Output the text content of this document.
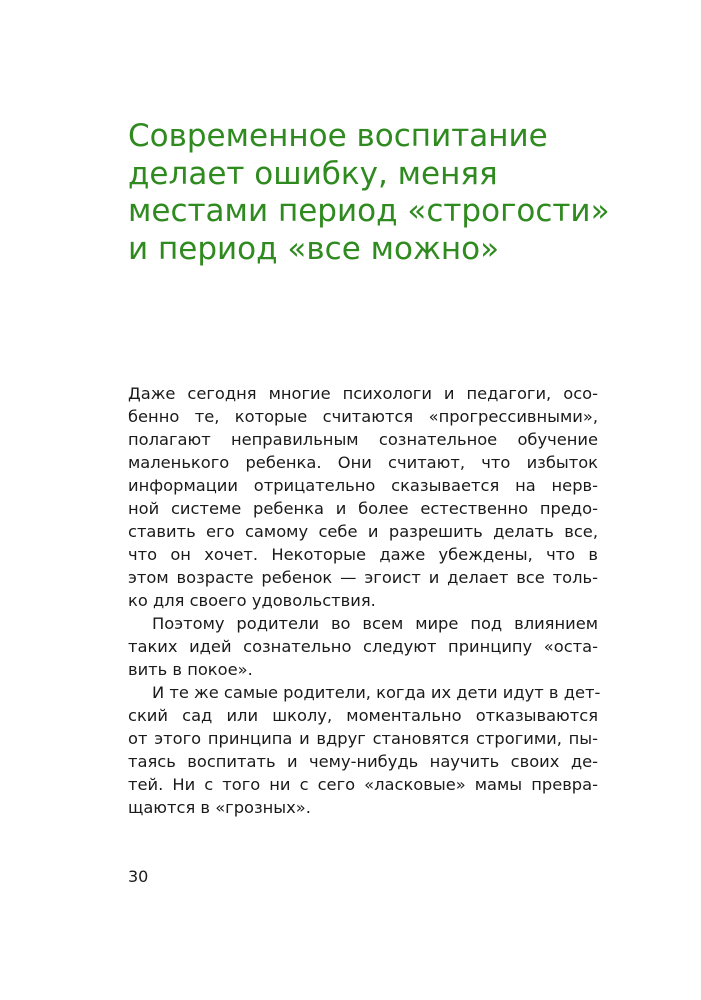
Современное воспитание
делает ошибку, меняя
местами период «строгости»
и период «все можно»
Даже сегодня многие психологи и педагоги, осо-
бенно те, которые считаются «прогрессивными»,
полагают неправильным сознательное обучение
маленького ребенка. Они считают, что избыток
информации отрицательно сказывается на нерв-
ной системе ребенка и более естественно предо-
ставить его самому себе и разрешить делать все,
что он хочет. Некоторые даже убеждены, что в
этом возрасте ребенок — эгоист и делает все толь-
ко для своего удовольствия.
Поэтому родители во всем мире под влиянием
таких идей сознательно следуют принципу «оста-
вить в покое».
И те же самые родители, когда их дети идут в дет-
ский сад или школу, моментально отказываются
от этого принципа и вдруг становятся строгими, пы-
таясь воспитать и чему-нибудь научить своих де-
тей. Ни с того ни с сего «ласковые» мамы превра-
щаются в «грозных».
30
